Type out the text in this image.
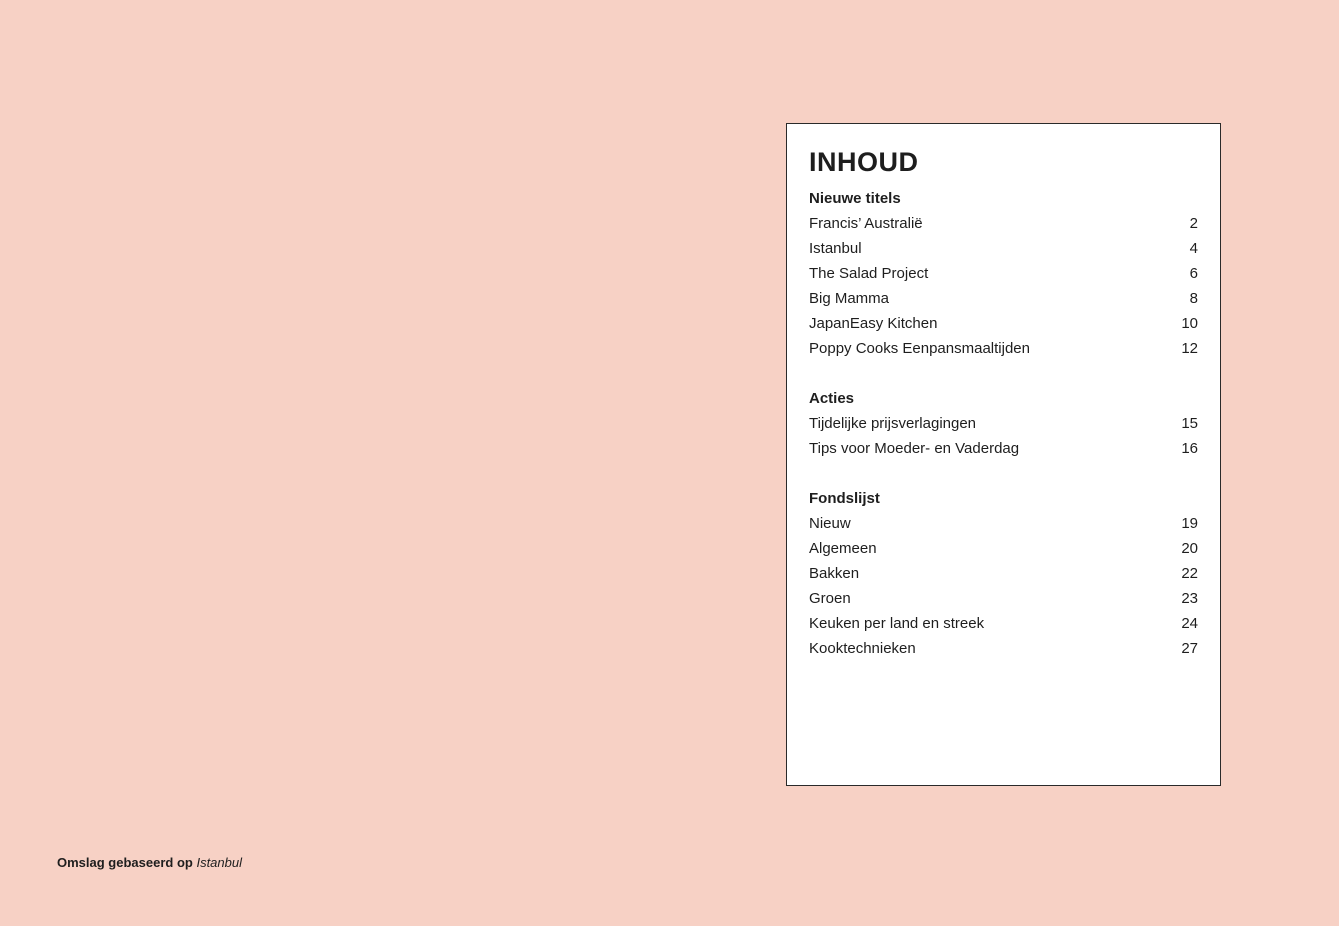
INHOUD
Nieuwe titels
Francis’ Australië	2
Istanbul	4
The Salad Project	6
Big Mamma	8
JapanEasy Kitchen	10
Poppy Cooks Eenpansmaaltijden	12
Acties
Tijdelijke prijsverlagingen	15
Tips voor Moeder- en Vaderdag	16
Fondslijst
Nieuw	19
Algemeen	20
Bakken	22
Groen	23
Keuken per land en streek	24
Kooktechnieken	27
Omslag gebaseerd op Istanbul
